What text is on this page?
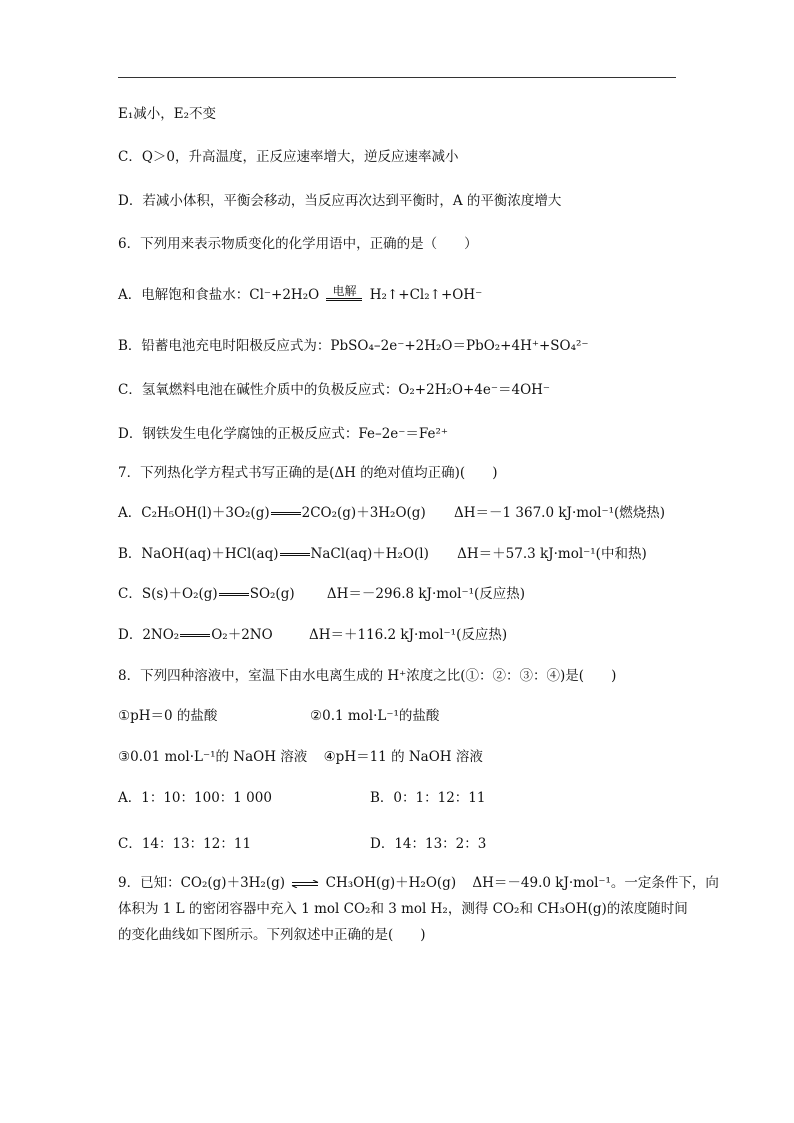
E₁减小，E₂不变
C．Q＞0，升高温度，正反应速率增大，逆反应速率减小
D．若减小体积，平衡会移动，当反应再次达到平衡时，A 的平衡浓度增大
6．下列用来表示物质变化的化学用语中，正确的是（　　）
A．电解饱和食盐水：Cl⁻+2H₂O	电解 H₂↑+Cl₂↑+OH⁻
B．铅蓄电池充电时阳极反应式为：PbSO₄–2e⁻+2H₂O＝PbO₂+4H⁺+SO₄²⁻
C．氢氧燃料电池在碱性介质中的负极反应式：O₂+2H₂O+4e⁻＝4OH⁻
D．钢铁发生电化学腐蚀的正极反应式：Fe–2e⁻＝Fe²⁺
7．下列热化学方程式书写正确的是(ΔH 的绝对值均正确)(　　)
A．C₂H₅OH(l)＋3O₂(g) 2CO₂(g)＋3H₂O(g) ΔH＝－1 367.0 kJ·mol⁻¹(燃烧热)
B．NaOH(aq)＋HCl(aq) NaCl(aq)＋H₂O(l) ΔH＝＋57.3 kJ·mol⁻¹(中和热)
C．S(s)＋O₂(g) SO₂(g) ΔH＝－296.8 kJ·mol⁻¹(反应热)
D．2NO₂ O₂＋2NO	ΔH＝＋116.2 kJ·mol⁻¹(反应热)
8．下列四种溶液中，室温下由水电离生成的 H⁺浓度之比(①：②：③：④)是(　　)
①pH＝0 的盐酸	②0.1 mol·L⁻¹的盐酸
③0.01 mol·L⁻¹的 NaOH 溶液 ④pH＝11 的 NaOH 溶液
A．1：10：100：1 000	B．0：1：12：11
C．14：13：12：11	D．14：13：2：3
9．已知：CO₂(g)＋3H₂(g) ⇌ CH₃OH(g)＋H₂O(g) ΔH＝－49.0 kJ·mol⁻¹。一定条件下，向
体积为 1 L 的密闭容器中充入 1 mol CO₂和 3 mol H₂，测得 CO₂和 CH₃OH(g)的浓度随时间
的变化曲线如下图所示。下列叙述中正确的是(　　)
